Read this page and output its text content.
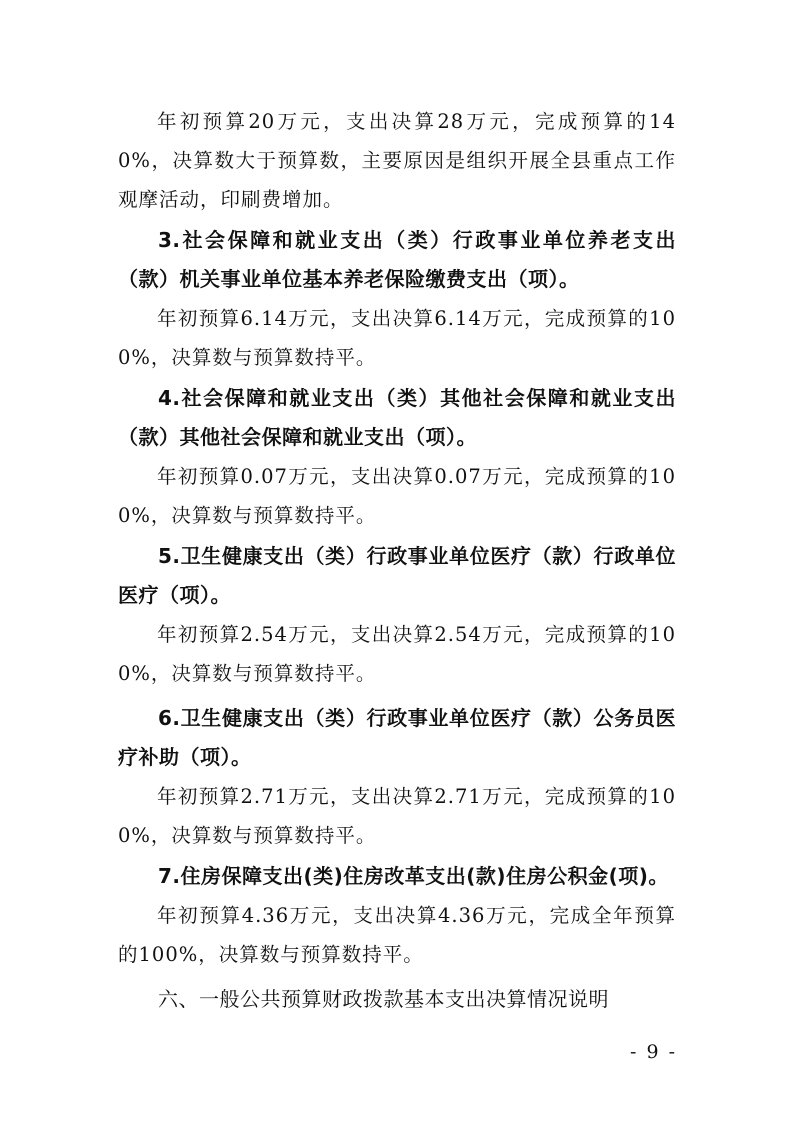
年初预算20万元，支出决算28万元，完成预算的140%，决算数大于预算数，主要原因是组织开展全县重点工作观摩活动，印刷费增加。

3.社会保障和就业支出（类）行政事业单位养老支出（款）机关事业单位基本养老保险缴费支出（项）。

年初预算6.14万元，支出决算6.14万元，完成预算的100%，决算数与预算数持平。

4.社会保障和就业支出（类）其他社会保障和就业支出（款）其他社会保障和就业支出（项）。

年初预算0.07万元，支出决算0.07万元，完成预算的100%，决算数与预算数持平。

5.卫生健康支出（类）行政事业单位医疗（款）行政单位医疗（项）。

年初预算2.54万元，支出决算2.54万元，完成预算的100%，决算数与预算数持平。

6.卫生健康支出（类）行政事业单位医疗（款）公务员医疗补助（项）。

年初预算2.71万元，支出决算2.71万元，完成预算的100%，决算数与预算数持平。

7.住房保障支出(类)住房改革支出(款)住房公积金(项)。

年初预算4.36万元，支出决算4.36万元，完成全年预算的100%，决算数与预算数持平。

六、一般公共预算财政拨款基本支出决算情况说明

- 9 -
